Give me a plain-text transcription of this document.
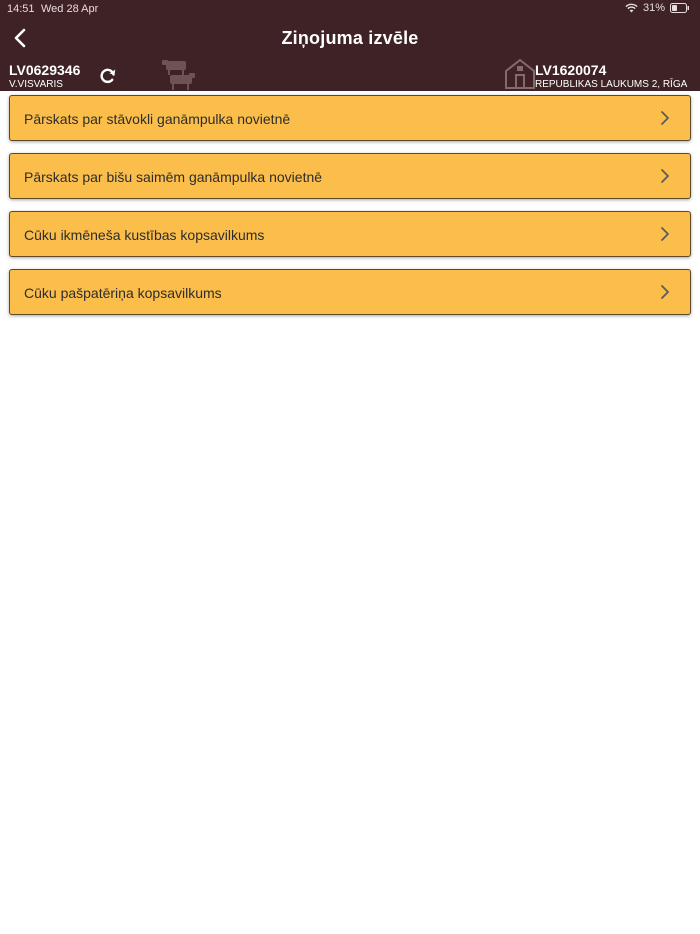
14:51 Wed 28 Apr	31%
Ziņojuma izvēle
LV0629346
V.VISVARIS
LV1620074
REPUBLIKAS LAUKUMS 2, RĪGA
Pārskats par stāvokli ganāmpulka novietnē
Pārskats par bišu saimēm ganāmpulka novietnē
Cūku ikmēneša kustības kopsavilkums
Cūku pašpatēriņa kopsavilkums
